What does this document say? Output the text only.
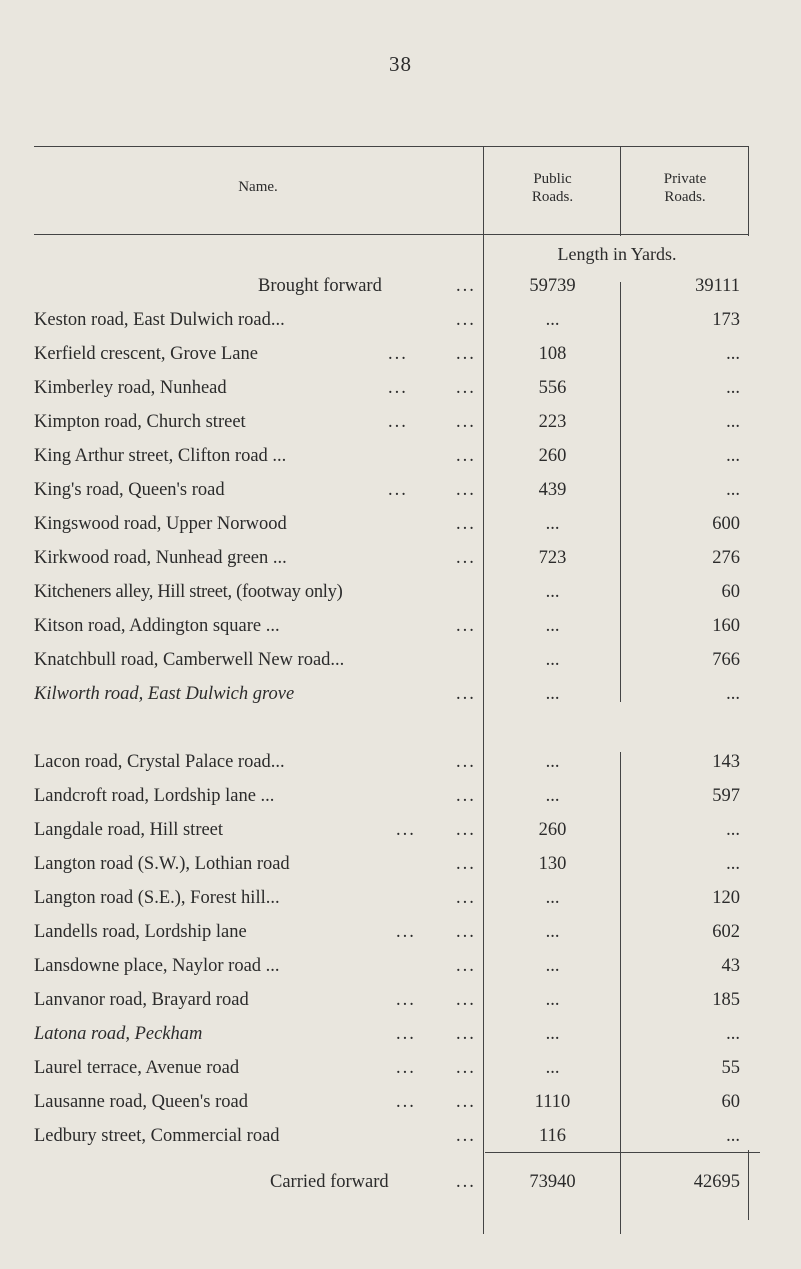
38
Name.	Public
Roads.
Private
Roads.
Length in Yards.
Brought forward	...	59739	39111
Keston road, East Dulwich road...	...	...	173
Kerfield crescent, Grove Lane	...	...	108	...
Kimberley road, Nunhead	...	...	556	...
Kimpton road, Church street	...	...	223	...
King Arthur street, Clifton road ...	...	260	...
King's road, Queen's road	...	...	439	...
Kingswood road, Upper Norwood	...	...	600
Kirkwood road, Nunhead green ...	...	723	276
Kitcheners alley, Hill street, (footway only)	...	60
Kitson road, Addington square ...	...	...	160
Knatchbull road, Camberwell New road...	...	766
Kilworth road, East Dulwich grove	...	...	...
Lacon road, Crystal Palace road...	...	...	143
Landcroft road, Lordship lane ...	...	...	597
Langdale road, Hill street	... ...	260	...
Langton road (S.W.), Lothian road	...	130	...
Langton road (S.E.), Forest hill...	...	...	120
Landells road, Lordship lane	... ...	...	602
Lansdowne place, Naylor road ...	...	...	43
Lanvanor road, Brayard road	... ...	...	185
Latona road, Peckham	... ...	...	...
Laurel terrace, Avenue road	... ...	...	55
Lausanne road, Queen's road	... ...	1110	60
Ledbury street, Commercial road	...	116	...
Carried forward	...	73940	42695
